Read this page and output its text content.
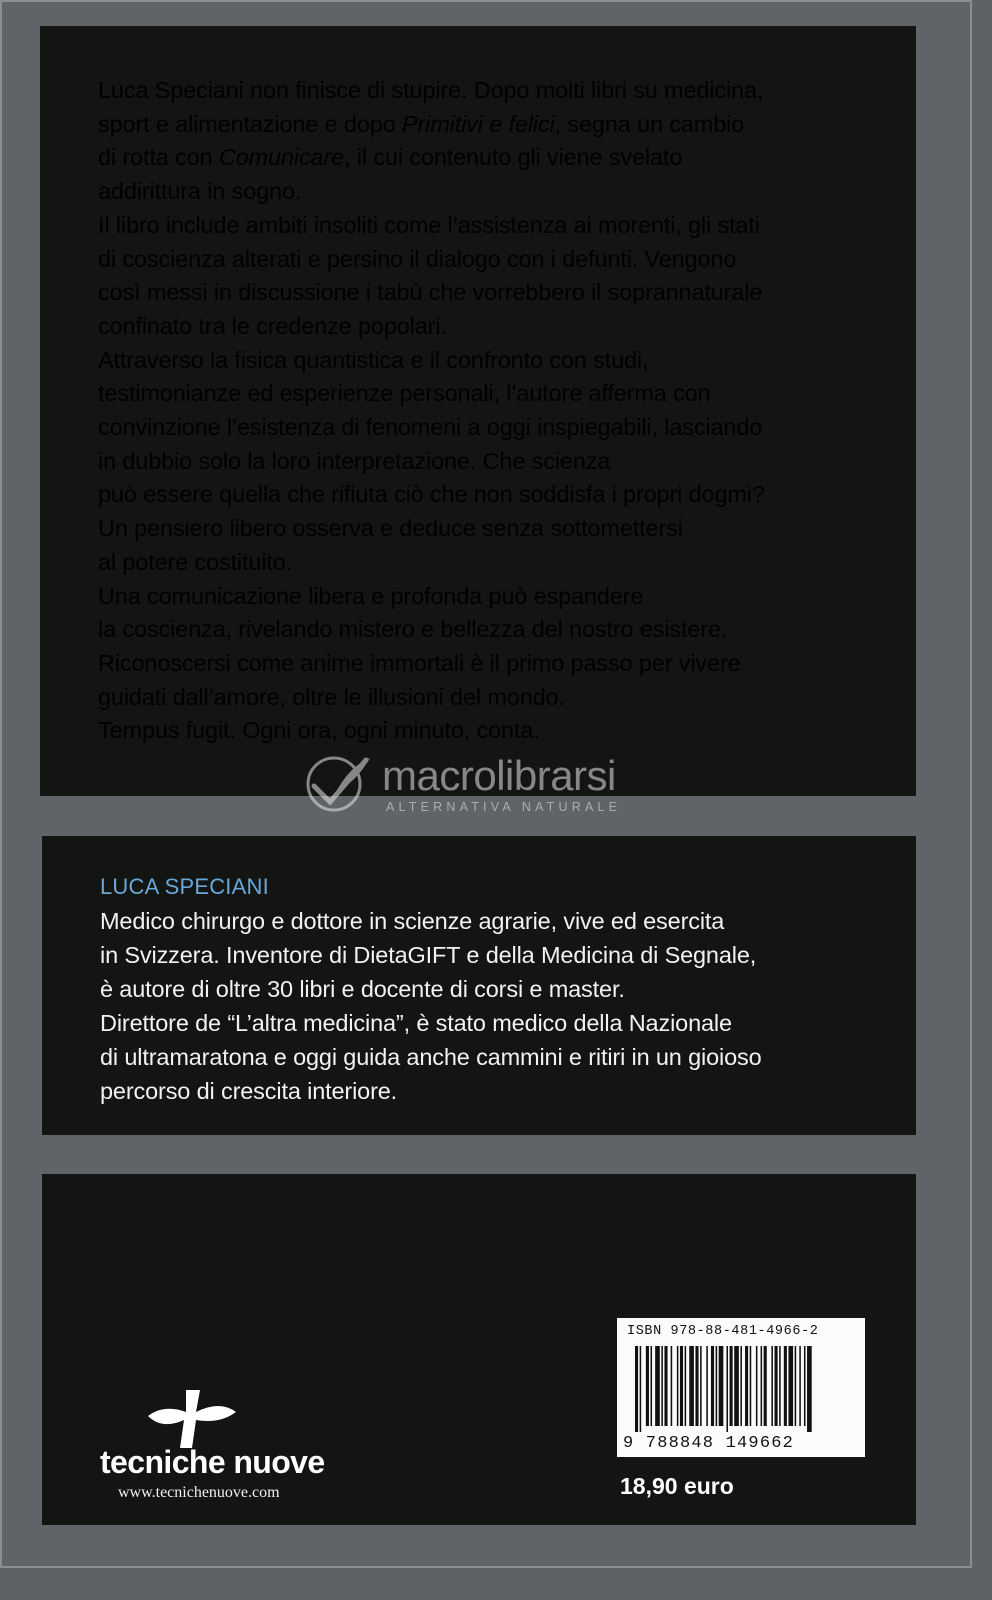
Luca Speciani non finisce di stupire. Dopo molti libri su medicina,

sport e alimentazione e dopo Primitivi e felici, segna un cambio

di rotta con Comunicare, il cui contenuto gli viene svelato

addirittura in sogno.

Il libro include ambiti insoliti come l’assistenza ai morenti, gli stati

di coscienza alterati e persino il dialogo con i defunti. Vengono

così messi in discussione i tabù che vorrebbero il soprannaturale

confinato tra le credenze popolari.

Attraverso la fisica quantistica e il confronto con studi,

testimonianze ed esperienze personali, l’autore afferma con

convinzione l’esistenza di fenomeni a oggi inspiegabili, lasciando

in dubbio solo la loro interpretazione. Che scienza

può essere quella che rifiuta ciò che non soddisfa i propri dogmi?

Un pensiero libero osserva e deduce senza sottomettersi

al potere costituito.

Una comunicazione libera e profonda può espandere

la coscienza, rivelando mistero e bellezza del nostro esistere.

Riconoscersi come anime immortali è il primo passo per vivere

guidati dall’amore, oltre le illusioni del mondo.

Tempus fugit. Ogni ora, ogni minuto, conta.

macrolibrarsi
ALTERNATIVA NATURALE
LUCA SPECIANI
Medico chirurgo e dottore in scienze agrarie, vive ed esercita
in Svizzera. Inventore di DietaGIFT e della Medicina di Segnale,
è autore di oltre 30 libri e docente di corsi e master.
Direttore de “L’altra medicina”, è stato medico della Nazionale
di ultramaratona e oggi guida anche cammini e ritiri in un gioioso
percorso di crescita interiore.
tecniche nuove
www.tecnichenuove.com
ISBN 978-88-481-4966-2
9 788848 149662
18,90 euro
